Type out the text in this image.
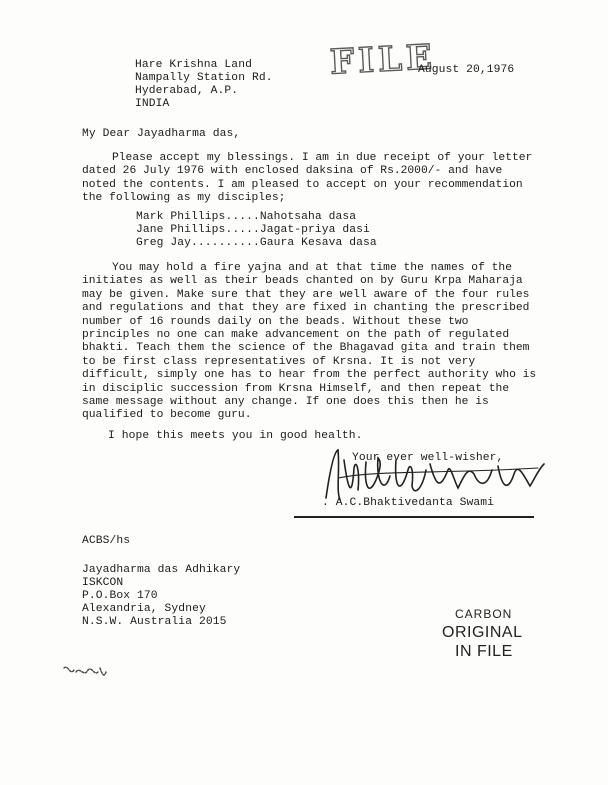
FILE
August 20,1976
Hare Krishna Land
Nampally Station Rd.
Hyderabad, A.P.
INDIA
My Dear Jayadharma das,
Please accept my blessings. I am in due receipt of your letter dated 26 July 1976 with enclosed daksina of Rs.2000/- and have noted the contents. I am pleased to accept on your recommendation the following as my disciples;
Mark Phillips.....Nahotsaha dasa
Jane Phillips.....Jagat-priya dasi
Greg Jay..........Gaura Kesava dasa
You may hold a fire yajna and at that time the names of the initiates as well as their beads chanted on by Guru Krpa Maharaja may be given. Make sure that they are well aware of the four rules and regulations and that they are fixed in chanting the prescribed number of 16 rounds daily on the beads. Without these two principles no one can make advancement on the path of regulated bhakti. Teach them the science of the Bhagavad gita and train them to be first class representatives of Krsna. It is not very difficult, simply one has to hear from the perfect authority who is in disciplic succession from Krsna Himself, and then repeat the same message without any change. If one does this then he is qualified to become guru.
I hope this meets you in good health.
Your ever well-wisher,
. A.C.Bhaktivedanta Swami
ACBS/hs
Jayadharma das Adhikary
ISKCON
P.O.Box 170
Alexandria, Sydney
N.S.W. Australia 2015
CARBON
ORIGINAL
IN FILE
